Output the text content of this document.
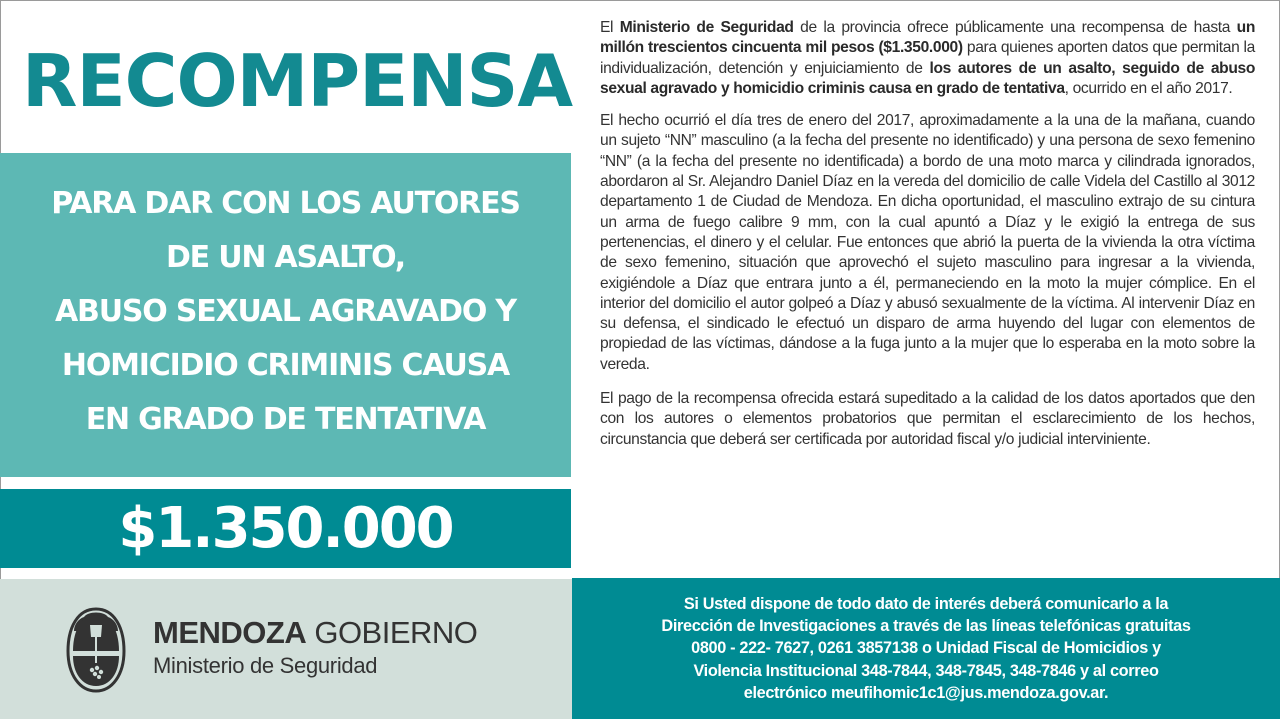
RECOMPENSA
PARA DAR CON LOS AUTORES
DE UN ASALTO,
ABUSO SEXUAL AGRAVADO Y
HOMICIDIO CRIMINIS CAUSA
EN GRADO DE TENTATIVA
$1.350.000
MENDOZA GOBIERNO
Ministerio de Seguridad

El Ministerio de Seguridad de la provincia ofrece públicamente una recompensa de hasta un millón trescientos cincuenta mil pesos ($1.350.000) para quienes aporten datos que permitan la individualización, detención y enjuiciamiento de los autores de un asalto, seguido de abuso sexual agravado y homicidio criminis causa en grado de tentativa, ocurrido en el año 2017.

El hecho ocurrió el día tres de enero del 2017, aproximadamente a la una de la mañana, cuando un sujeto “NN” masculino (a la fecha del presente no identificado) y una persona de sexo femenino “NN” (a la fecha del presente no identificada) a bordo de una moto marca y cilindrada ignorados, abordaron al Sr. Alejandro Daniel Díaz en la vereda del domicilio de calle Videla del Castillo al 3012 departamento 1 de Ciudad de Mendoza. En dicha oportunidad, el masculino extrajo de su cintura un arma de fuego calibre 9 mm, con la cual apuntó a Díaz y le exigió la entrega de sus pertenencias, el dinero y el celular. Fue entonces que abrió la puerta de la vivienda la otra víctima de sexo femenino, situación que aprovechó el sujeto masculino para ingresar a la vivienda, exigiéndole a Díaz que entrara junto a él, permaneciendo en la moto la mujer cómplice. En el interior del domicilio el autor golpeó a Díaz y abusó sexualmente de la víctima. Al intervenir Díaz en su defensa, el sindicado le efectuó un disparo de arma huyendo del lugar con elementos de propiedad de las víctimas, dándose a la fuga junto a la mujer que lo esperaba en la moto sobre la vereda.

El pago de la recompensa ofrecida estará supeditado a la calidad de los datos aportados que den con los autores o elementos probatorios que permitan el esclarecimiento de los hechos, circunstancia que deberá ser certificada por autoridad fiscal y/o judicial interviniente.

Si Usted dispone de todo dato de interés deberá comunicarlo a la
Dirección de Investigaciones a través de las líneas telefónicas gratuitas
0800 - 222- 7627, 0261 3857138 o Unidad Fiscal de Homicidios y
Violencia Institucional 348-7844, 348-7845, 348-7846 y al correo
electrónico meufihomic1c1@jus.mendoza.gov.ar.
